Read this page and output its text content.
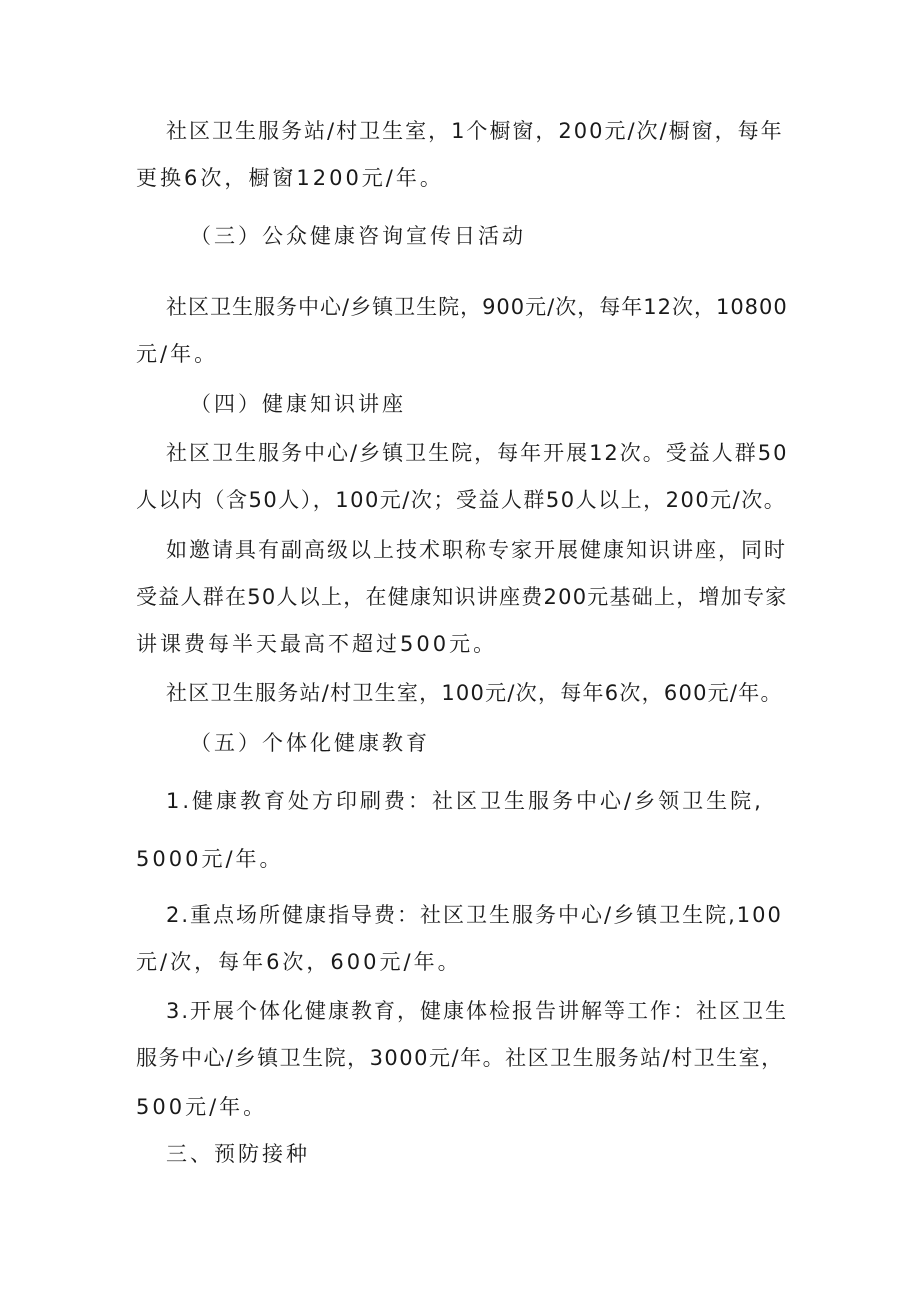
社区卫生服务站/村卫生室，1个橱窗，200元/次/橱窗，每年
更换6次，橱窗1200元/年。
（三）公众健康咨询宣传日活动
社区卫生服务中心/乡镇卫生院，900元/次，每年12次，10800
元/年。
（四）健康知识讲座
社区卫生服务中心/乡镇卫生院，每年开展12次。受益人群50
人以内（含50人），100元/次；受益人群50人以上，200元/次。
如邀请具有副高级以上技术职称专家开展健康知识讲座，同时
受益人群在50人以上，在健康知识讲座费200元基础上，增加专家
讲课费每半天最高不超过500元。
社区卫生服务站/村卫生室，100元/次，每年6次，600元/年。
（五）个体化健康教育
1.健康教育处方印刷费：社区卫生服务中心/乡领卫生院,
5000元/年。
2.重点场所健康指导费：社区卫生服务中心/乡镇卫生院,100
元/次，每年6次，600元/年。
3.开展个体化健康教育，健康体检报告讲解等工作：社区卫生
服务中心/乡镇卫生院，3000元/年。社区卫生服务站/村卫生室，
500元/年。
三、预防接种
